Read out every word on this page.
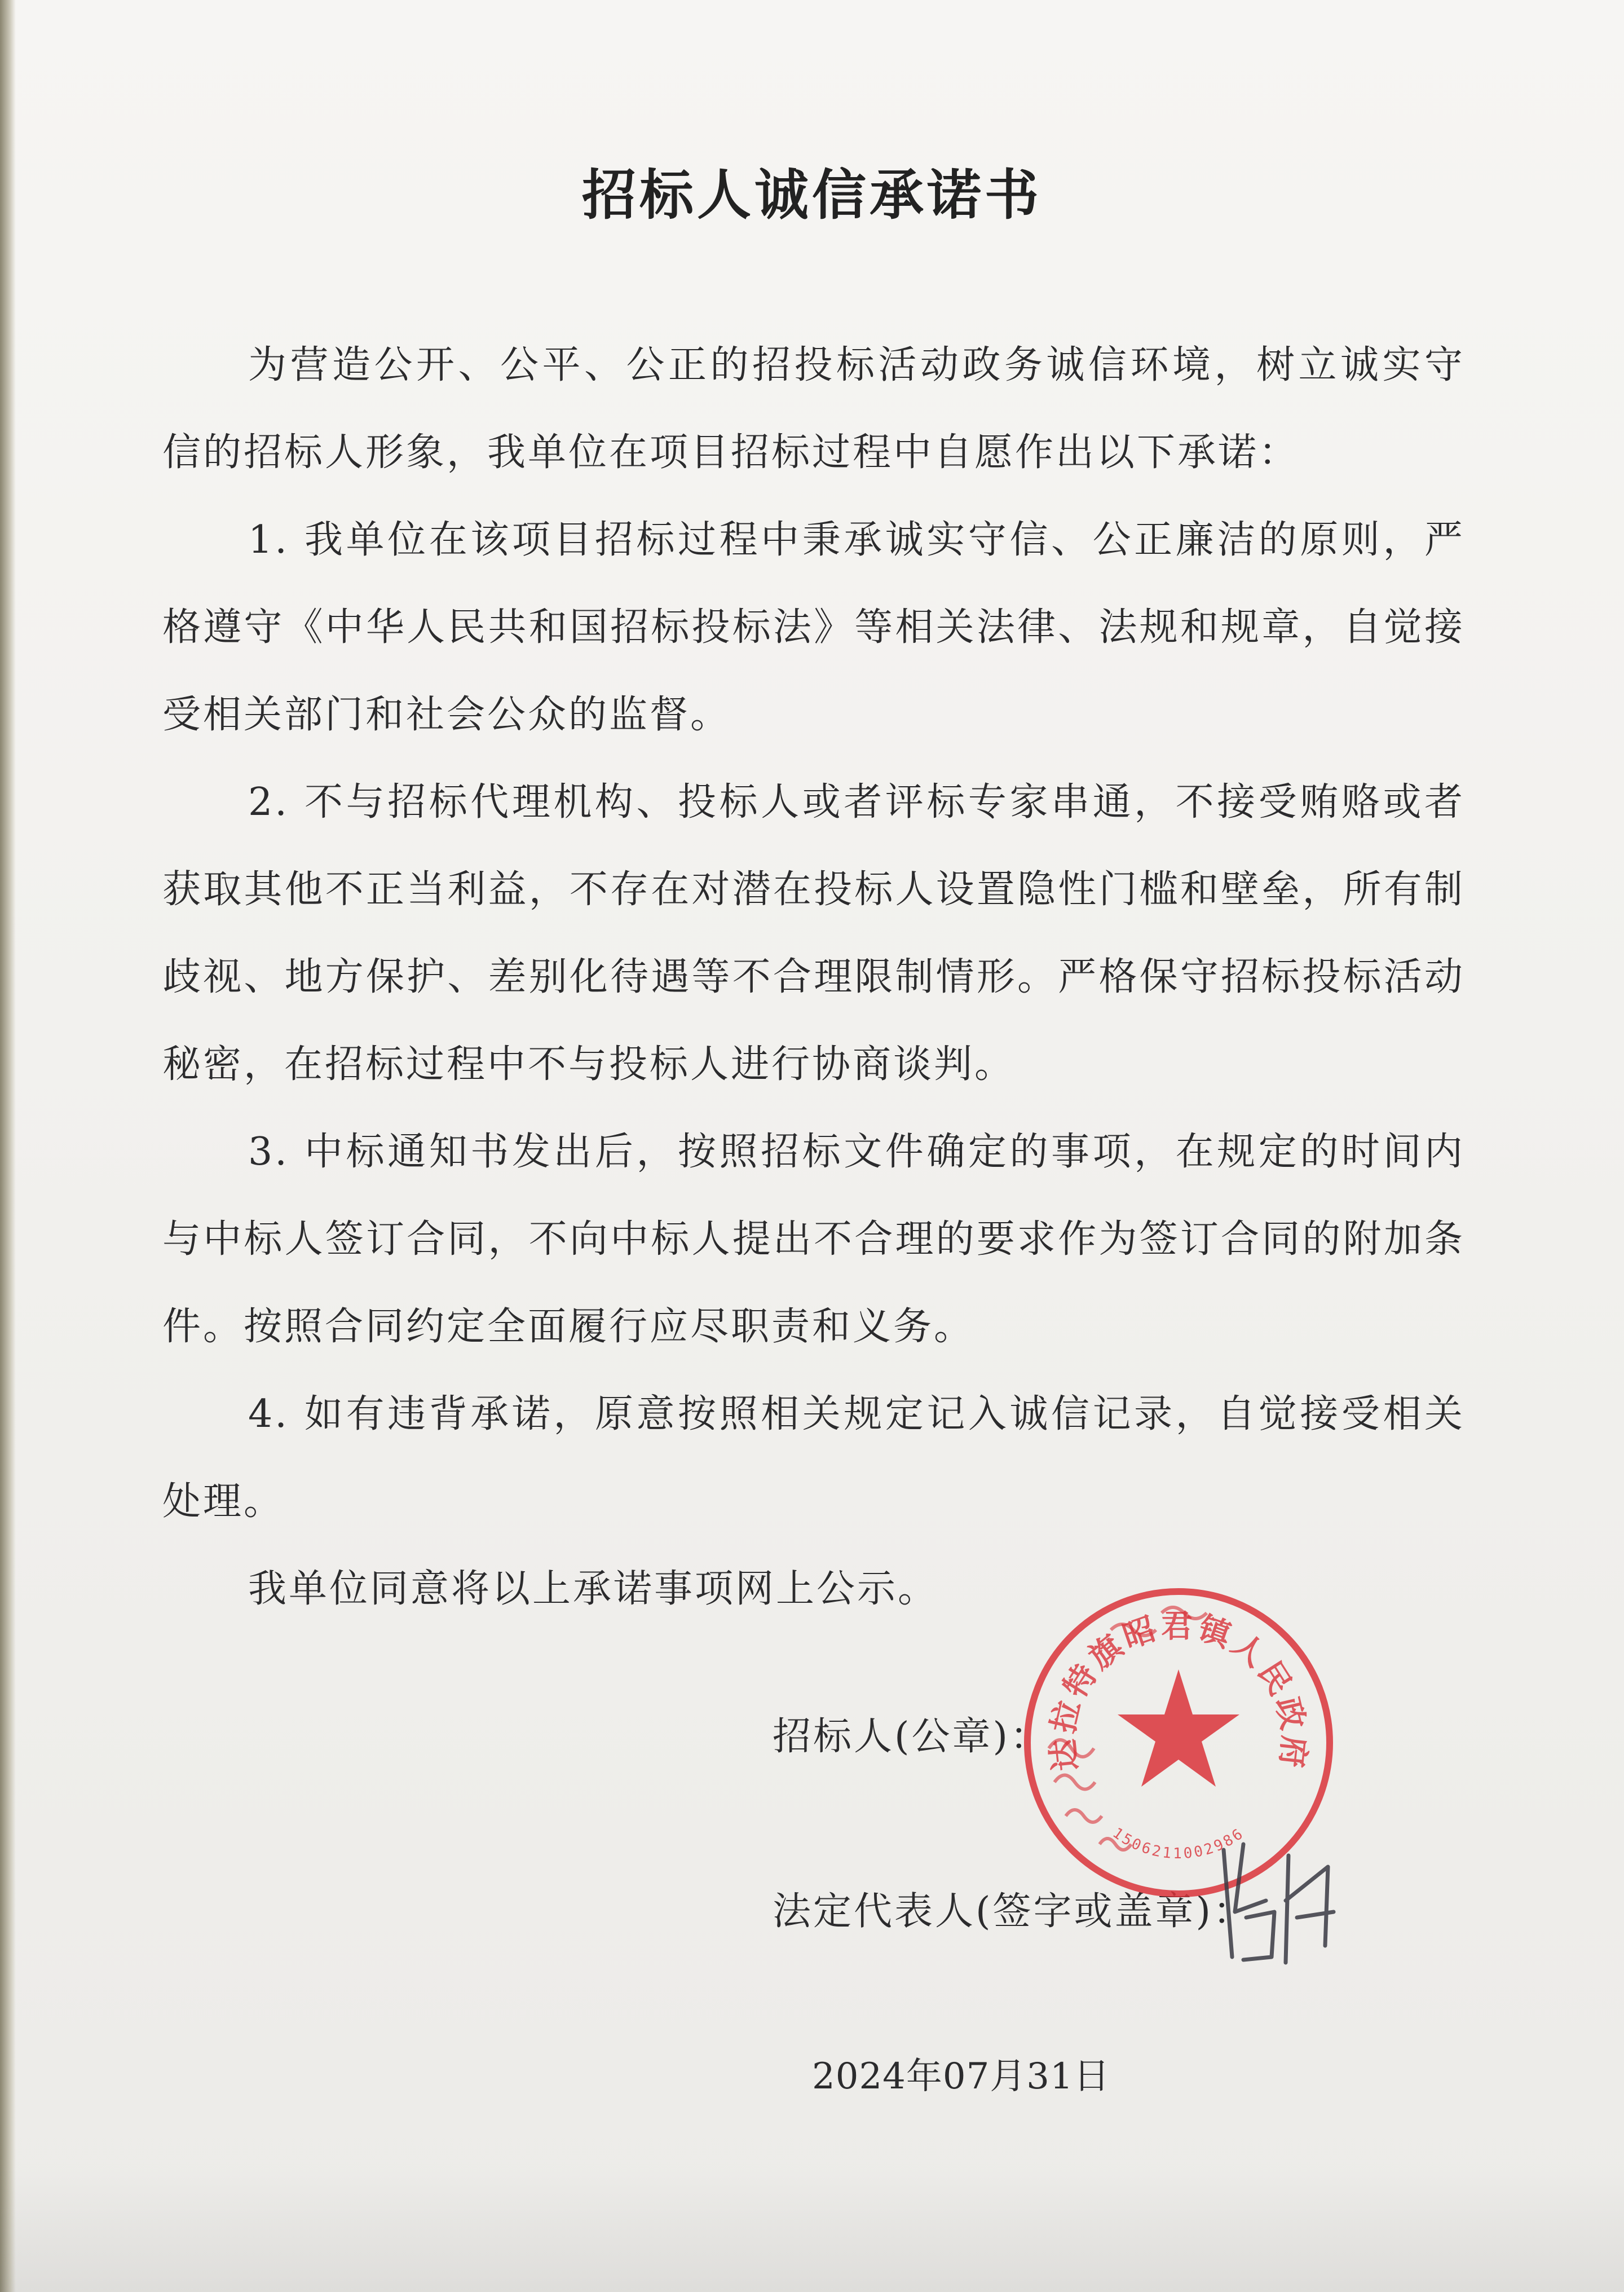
招标人诚信承诺书

为营造公开、公平、公正的招投标活动政务诚信环境，树立诚实守信的招标人形象，我单位在项目招标过程中自愿作出以下承诺：

1. 我单位在该项目招标过程中秉承诚实守信、公正廉洁的原则，严格遵守《中华人民共和国招标投标法》等相关法律、法规和规章，自觉接受相关部门和社会公众的监督。

2. 不与招标代理机构、投标人或者评标专家串通，不接受贿赂或者获取其他不正当利益，不存在对潜在投标人设置隐性门槛和壁垒，所有制歧视、地方保护、差别化待遇等不合理限制情形。严格保守招标投标活动秘密，在招标过程中不与投标人进行协商谈判。

3. 中标通知书发出后，按照招标文件确定的事项，在规定的时间内与中标人签订合同，不向中标人提出不合理的要求作为签订合同的附加条件。按照合同约定全面履行应尽职责和义务。

4. 如有违背承诺，原意按照相关规定记入诚信记录，自觉接受相关处理。

我单位同意将以上承诺事项网上公示。

招标人(公章)：
法定代表人(签字或盖章)：
2024年07月31日
达拉特旗昭君镇人民政府
1506211002986
